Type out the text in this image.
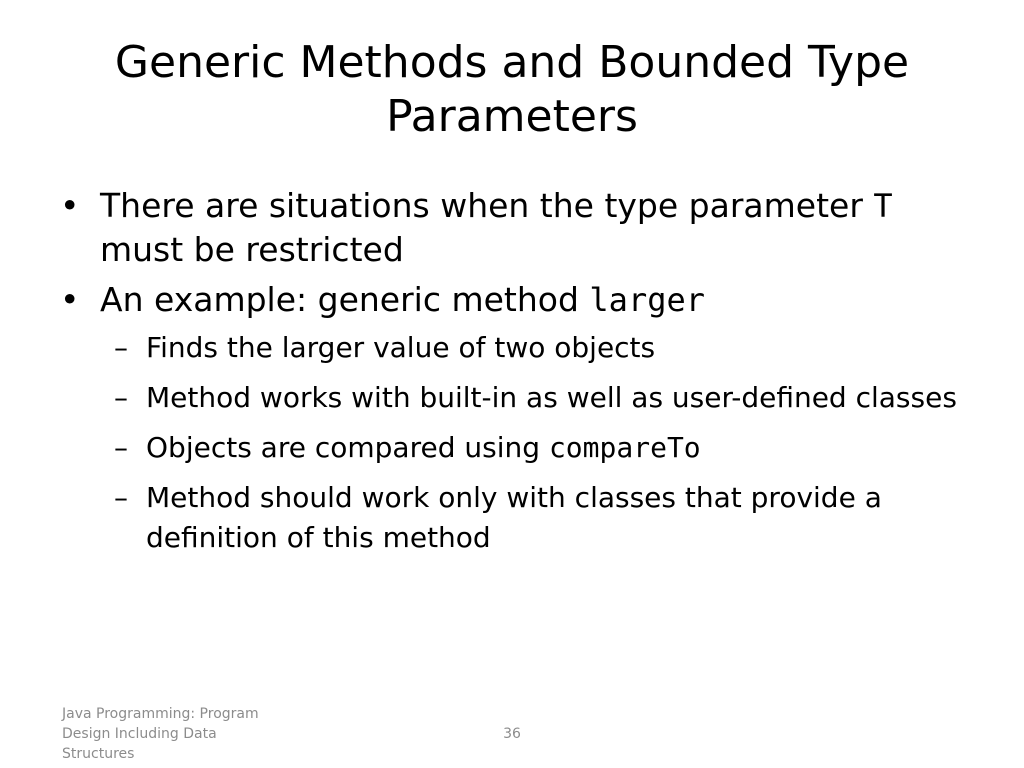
Generic Methods and Bounded Type Parameters
• There are situations when the type parameter T must be restricted
• An example: generic method larger
– Finds the larger value of two objects
– Method works with built-in as well as user-defined classes
– Objects are compared using compareTo
– Method should work only with classes that provide a definition of this method
Java Programming: Program Design Including Data Structures
36
